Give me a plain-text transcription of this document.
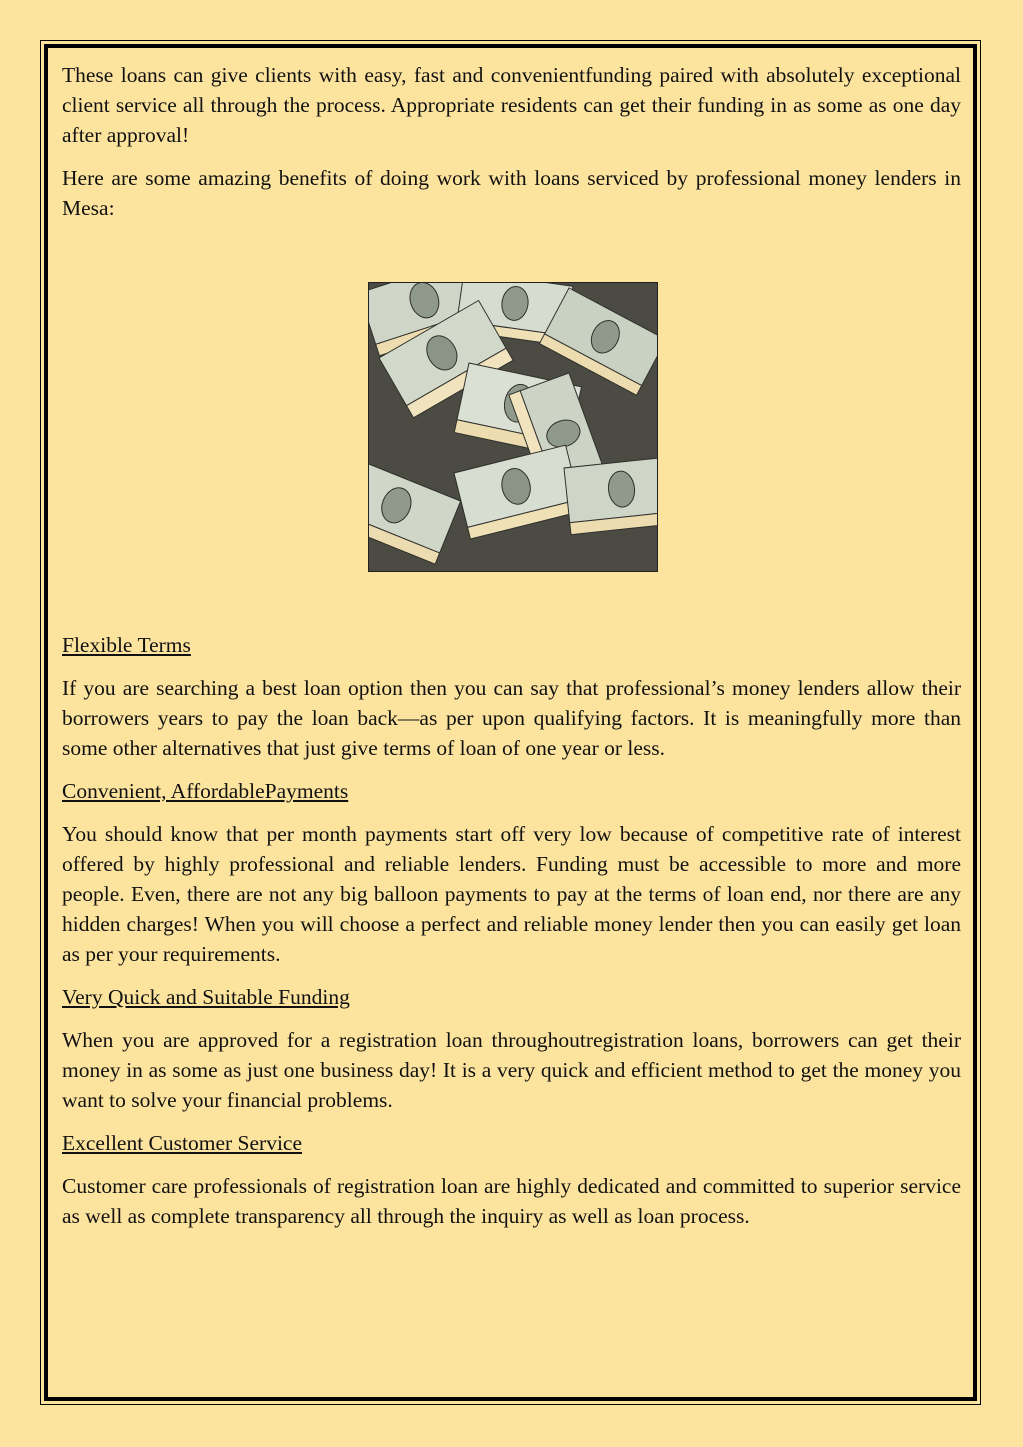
These loans can give clients with easy, fast and convenientfunding paired with absolutely exceptional client service all through the process. Appropriate residents can get their funding in as some as one day after approval!

Here are some amazing benefits of doing work with loans serviced by professional money lenders in Mesa:

Flexible Terms

If you are searching a best loan option then you can say that professional’s money lenders allow their borrowers years to pay the loan back—as per upon qualifying factors. It is meaningfully more than some other alternatives that just give terms of loan of one year or less.

Convenient, AffordablePayments

You should know that per month payments start off very low because of competitive rate of interest offered by highly professional and reliable lenders. Funding must be accessible to more and more people. Even, there are not any big balloon payments to pay at the terms of loan end, nor there are any hidden charges! When you will choose a perfect and reliable money lender then you can easily get loan as per your requirements.

Very Quick and Suitable Funding

When you are approved for a registration loan throughoutregistration loans, borrowers can get their money in as some as just one business day! It is a very quick and efficient method to get the money you want to solve your financial problems.

Excellent Customer Service

Customer care professionals of registration loan are highly dedicated and committed to superior service as well as complete transparency all through the inquiry as well as loan process.
